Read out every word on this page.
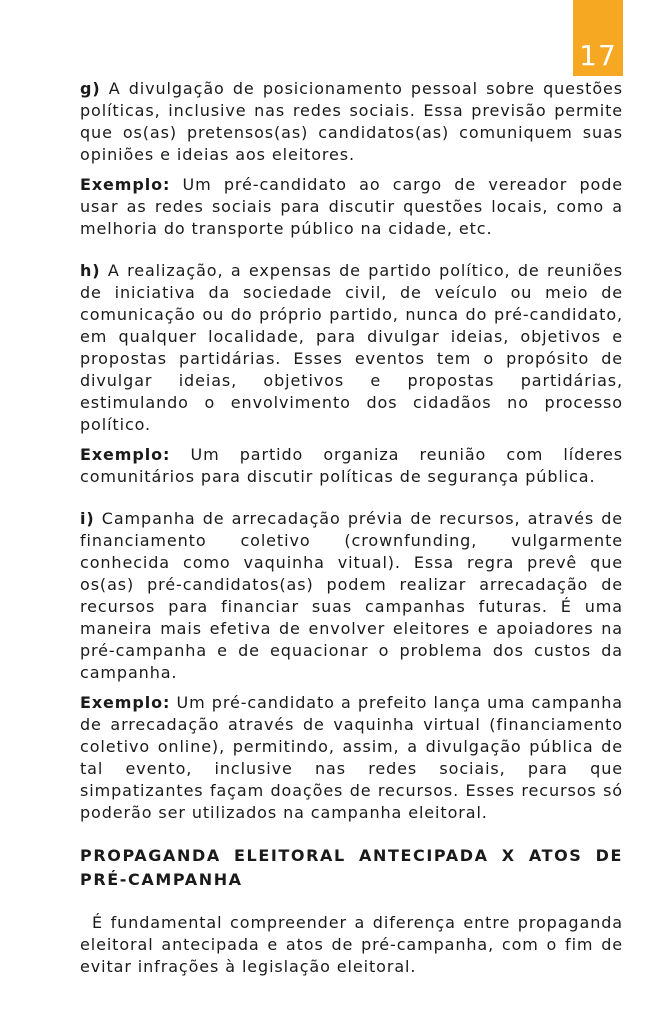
17

g) A divulgação de posicionamento pessoal sobre questões políticas, inclusive nas redes sociais. Essa previsão permite que os(as) pretensos(as) candidatos(as) comuniquem suas opiniões e ideias aos eleitores.

Exemplo: Um pré-candidato ao cargo de vereador pode usar as redes sociais para discutir questões locais, como a melhoria do transporte público na cidade, etc.

h) A realização, a expensas de partido político, de reuniões de iniciativa da sociedade civil, de veículo ou meio de comunicação ou do próprio partido, nunca do pré-candidato, em qualquer localidade, para divulgar ideias, objetivos e propostas partidárias. Esses eventos tem o propósito de divulgar ideias, objetivos e propostas partidárias, estimulando o envolvimento dos cidadãos no processo político.

Exemplo: Um partido organiza reunião com líderes comunitários para discutir políticas de segurança pública.

i) Campanha de arrecadação prévia de recursos, através de financiamento coletivo (crownfunding, vulgarmente conhecida como vaquinha vitual). Essa regra prevê que os(as) pré-candidatos(as) podem realizar arrecadação de recursos para financiar suas campanhas futuras. É uma maneira mais efetiva de envolver eleitores e apoiadores na pré-campanha e de equacionar o problema dos custos da campanha.

Exemplo: Um pré-candidato a prefeito lança uma campanha de arrecadação através de vaquinha virtual (financiamento coletivo online), permitindo, assim, a divulgação pública de tal evento, inclusive nas redes sociais, para que simpatizantes façam doações de recursos. Esses recursos só poderão ser utilizados na campanha eleitoral.

PROPAGANDA ELEITORAL ANTECIPADA X ATOS DE PRÉ-CAMPANHA

É fundamental compreender a diferença entre propaganda eleitoral antecipada e atos de pré-campanha, com o fim de evitar infrações à legislação eleitoral.
